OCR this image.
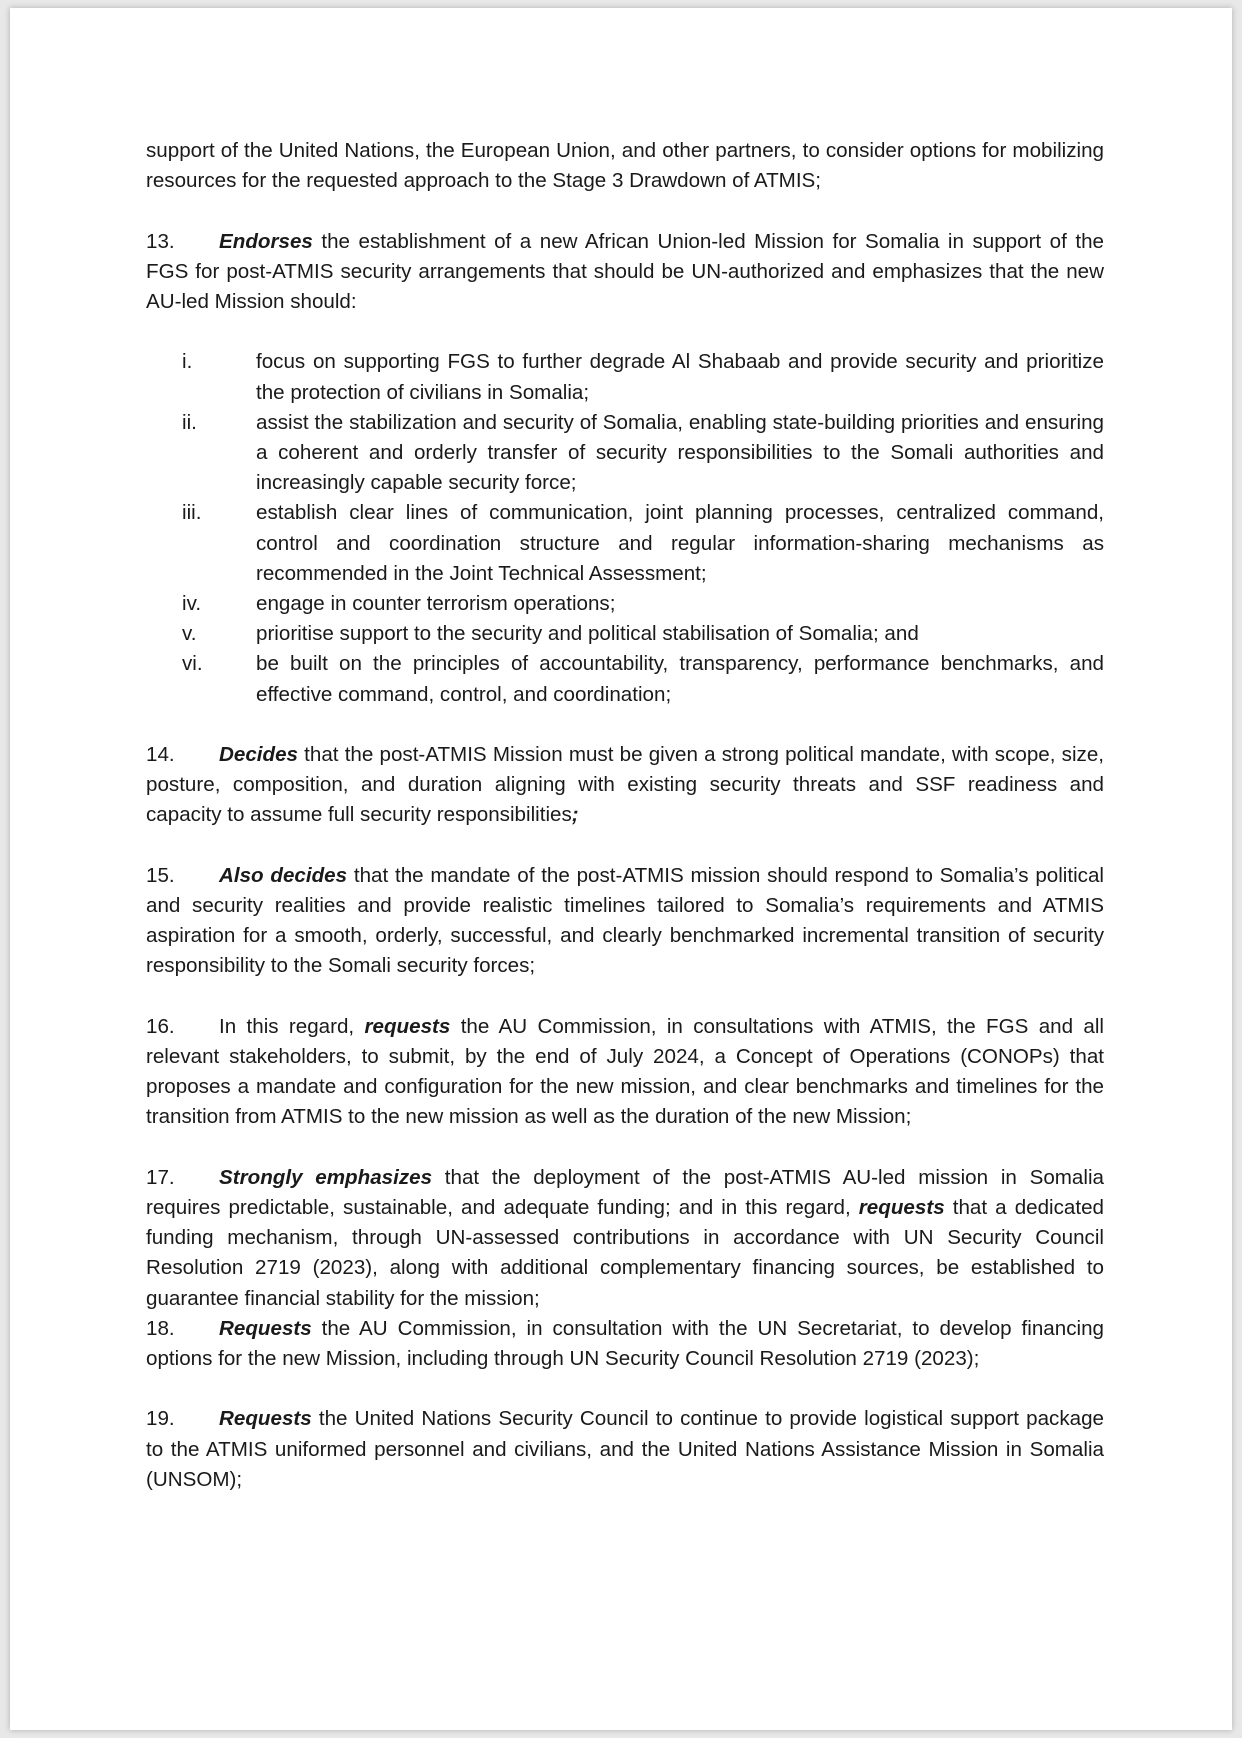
support of the United Nations, the European Union, and other partners, to consider options for mobilizing resources for the requested approach to the Stage 3 Drawdown of ATMIS;

13. Endorses the establishment of a new African Union-led Mission for Somalia in support of the FGS for post-ATMIS security arrangements that should be UN-authorized and emphasizes that the new AU-led Mission should:

i.	focus on supporting FGS to further degrade Al Shabaab and provide security and prioritize the protection of civilians in Somalia;
ii.	assist the stabilization and security of Somalia, enabling state-building priorities and ensuring a coherent and orderly transfer of security responsibilities to the Somali authorities and increasingly capable security force;
iii.	establish clear lines of communication, joint planning processes, centralized command, control and coordination structure and regular information-sharing mechanisms as recommended in the Joint Technical Assessment;
iv.	engage in counter terrorism operations;
v.	prioritise support to the security and political stabilisation of Somalia; and
vi.	be built on the principles of accountability, transparency, performance benchmarks, and effective command, control, and coordination;

14. Decides that the post-ATMIS Mission must be given a strong political mandate, with scope, size, posture, composition, and duration aligning with existing security threats and SSF readiness and capacity to assume full security responsibilities;

15. Also decides that the mandate of the post-ATMIS mission should respond to Somalia’s political and security realities and provide realistic timelines tailored to Somalia’s requirements and ATMIS aspiration for a smooth, orderly, successful, and clearly benchmarked incremental transition of security responsibility to the Somali security forces;

16. In this regard, requests the AU Commission, in consultations with ATMIS, the FGS and all relevant stakeholders, to submit, by the end of July 2024, a Concept of Operations (CONOPs) that proposes a mandate and configuration for the new mission, and clear benchmarks and timelines for the transition from ATMIS to the new mission as well as the duration of the new Mission;

17. Strongly emphasizes that the deployment of the post-ATMIS AU-led mission in Somalia requires predictable, sustainable, and adequate funding; and in this regard, requests that a dedicated funding mechanism, through UN-assessed contributions in accordance with UN Security Council Resolution 2719 (2023), along with additional complementary financing sources, be established to guarantee financial stability for the mission;

18. Requests the AU Commission, in consultation with the UN Secretariat, to develop financing options for the new Mission, including through UN Security Council Resolution 2719 (2023);

19. Requests the United Nations Security Council to continue to provide logistical support package to the ATMIS uniformed personnel and civilians, and the United Nations Assistance Mission in Somalia (UNSOM);
